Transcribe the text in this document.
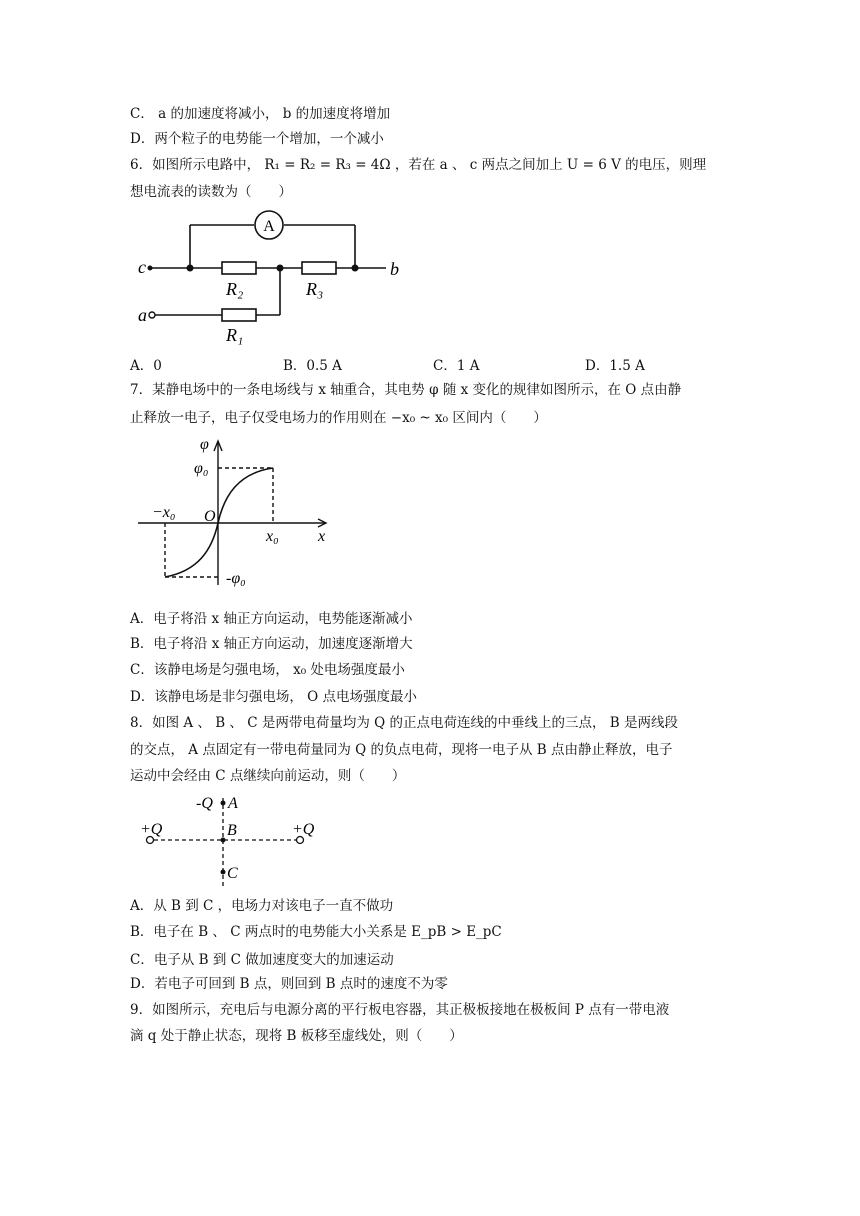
C． a 的加速度将减小， b 的加速度将增加
D．两个粒子的电势能一个增加，一个减小
6．如图所示电路中， R₁ = R₂ = R₃ = 4Ω ，若在 a 、 c 两点之间加上 U = 6 V 的电压，则理
想电流表的读数为（　　）
A
c
a
b
R₂	R₃
R₁
A．0	B．0.5 A	C．1 A	D．1.5 A
7．某静电场中的一条电场线与 x 轴重合，其电势 φ 随 x 变化的规律如图所示，在 O 点由静
止释放一电子，电子仅受电场力的作用则在 −x₀ ~ x₀ 区间内（　　）
φ
φ₀
−x₀ O
x₀ x
-φ₀
A．电子将沿 x 轴正方向运动，电势能逐渐减小
B．电子将沿 x 轴正方向运动，加速度逐渐增大
C．该静电场是匀强电场， x₀ 处电场强度最小
D．该静电场是非匀强电场， O 点电场强度最小
8．如图 A 、 B 、 C 是两带电荷量均为 Q 的正点电荷连线的中垂线上的三点， B 是两线段
的交点， A 点固定有一带电荷量同为 Q 的负点电荷，现将一电子从 B 点由静止释放，电子
运动中会经由 C 点继续向前运动，则（　　）
-Q A
+Q	B	+Q
C
A．从 B 到 C ，电场力对该电子一直不做功
B．电子在 B 、 C 两点时的电势能大小关系是 E_pB > E_pC
C．电子从 B 到 C 做加速度变大的加速运动
D．若电子可回到 B 点，则回到 B 点时的速度不为零
9．如图所示，充电后与电源分离的平行板电容器，其正极板接地在极板间 P 点有一带电液
滴 q 处于静止状态，现将 B 板移至虚线处，则（　　）
